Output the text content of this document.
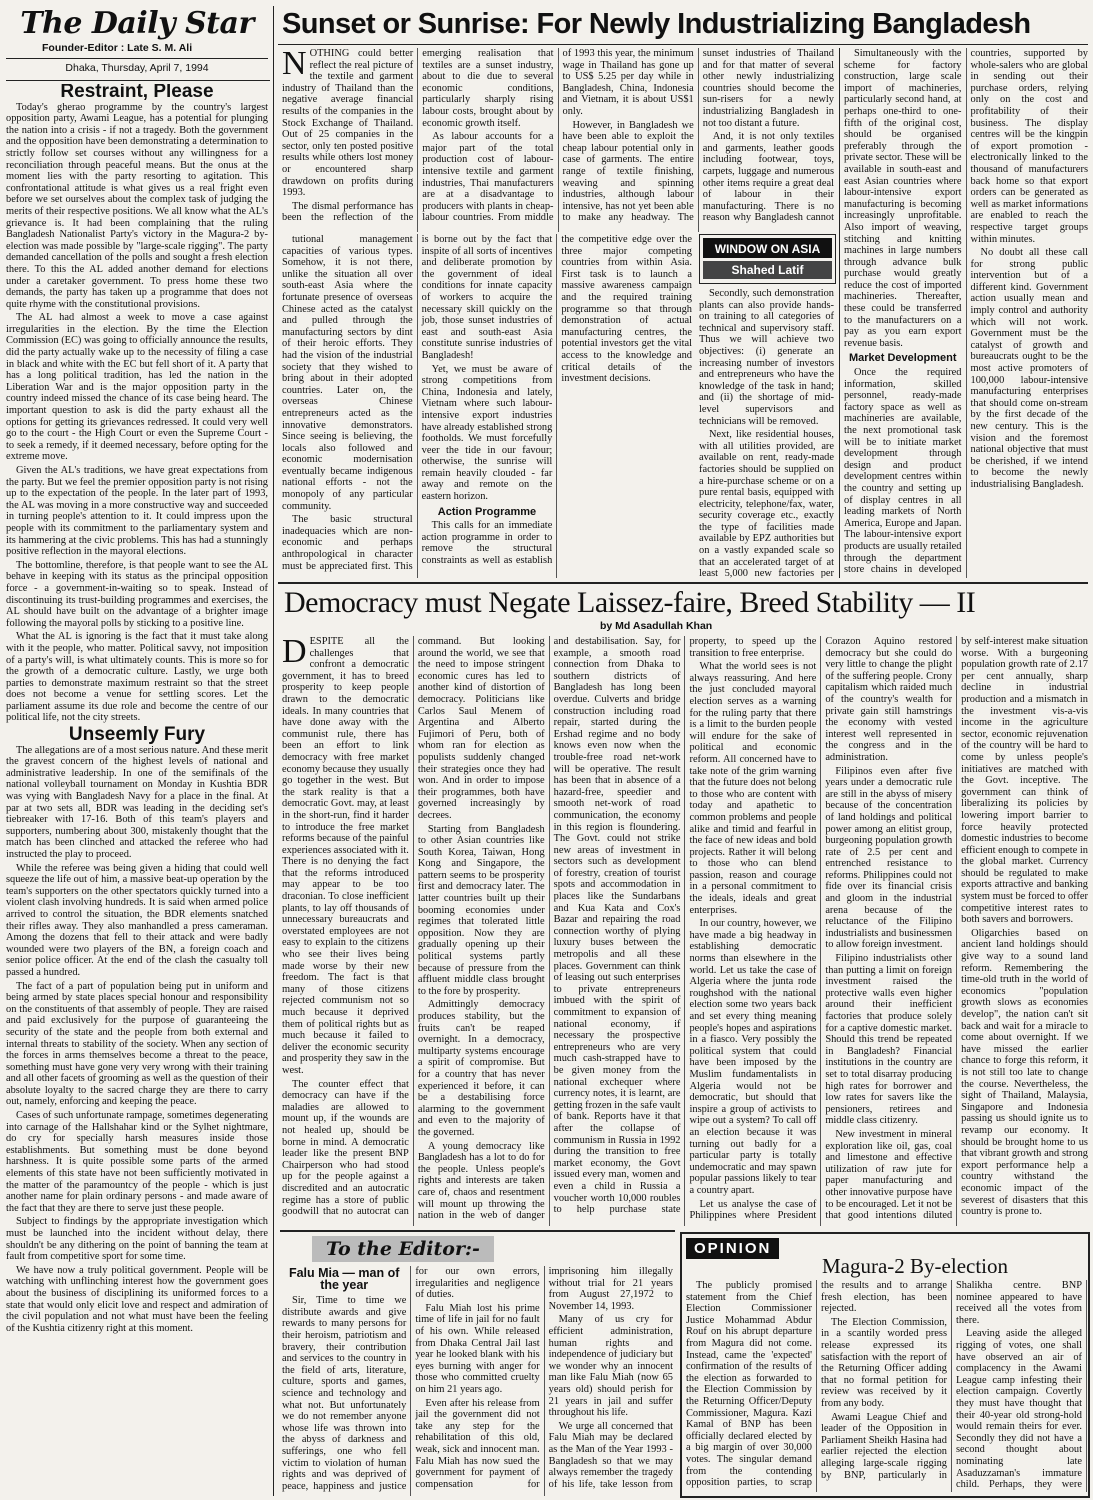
The Daily Star
Founder-Editor : Late S. M. Ali
Dhaka, Thursday, April 7, 1994
Restraint, Please

Today's gherao programme by the country's largest opposition party, Awami League, has a potential for plunging the nation into a crisis - if not a tragedy. Both the government and the opposition have been demonstrating a determination to strictly follow set courses without any willingness for a reconciliation through peaceful means. But the onus at the moment lies with the party resorting to agitation. This confrontational attitude is what gives us a real fright even before we set ourselves about the complex task of judging the merits of their respective positions. We all know what the AL's grievance is. It had been complaining that the ruling Bangladesh Nationalist Party's victory in the Magura-2 by-election was made possible by "large-scale rigging". The party demanded cancellation of the polls and sought a fresh election there. To this the AL added another demand for elections under a caretaker government. To press home these two demands, the party has taken up a programme that does not quite rhyme with the constitutional provisions.

The AL had almost a week to move a case against irregularities in the election. By the time the Election Commission (EC) was going to officially announce the results, did the party actually wake up to the necessity of filing a case in black and white with the EC but fell short of it. A party that has a long political tradition, has led the nation in the Liberation War and is the major opposition party in the country indeed missed the chance of its case being heard. The important question to ask is did the party exhaust all the options for getting its grievances redressed. It could very well go to the court - the High Court or even the Supreme Court - to seek a remedy, if it deemed necessary, before opting for the extreme move.

Given the AL's traditions, we have great expectations from the party. But we feel the premier opposition party is not rising up to the expectation of the people. In the later part of 1993, the AL was moving in a more constructive way and succeeded in turning people's attention to it. It could impress upon the people with its commitment to the parliamentary system and its hammering at the civic problems. This has had a stunningly positive reflection in the mayoral elections.

The bottomline, therefore, is that people want to see the AL behave in keeping with its status as the principal opposition force - a government-in-waiting so to speak. Instead of discontinuing its trust-building programmes and exercises, the AL should have built on the advantage of a brighter image following the mayoral polls by sticking to a positive line.

What the AL is ignoring is the fact that it must take along with it the people, who matter. Political savvy, not imposition of a party's will, is what ultimately counts. This is more so for the growth of a democratic culture. Lastly, we urge both parties to demonstrate maximum restraint so that the street does not become a venue for settling scores. Let the parliament assume its due role and become the centre of our political life, not the city streets.

Unseemly Fury

The allegations are of a most serious nature. And these merit the gravest concern of the highest levels of national and administrative leadership. In one of the semifinals of the national volleyball tournament on Monday in Kushtia BDR was vying with Bangladesh Navy for a place in the final. At par at two sets all, BDR was leading in the deciding set's tiebreaker with 17-16. Both of this team's players and supporters, numbering about 300, mistakenly thought that the match has been clinched and attacked the referee who had instructed the play to proceed.

While the referee was being given a hiding that could well squeeze the life out of him, a massive beat-up operation by the team's supporters on the other spectators quickly turned into a violent clash involving hundreds. It is said when armed police arrived to control the situation, the BDR elements snatched their rifles away. They also manhandled a press cameraman. Among the dozens that fell to their attack and were badly wounded were two players of the BN, a foreign coach and senior police officer. At the end of the clash the casualty toll passed a hundred.

The fact of a part of population being put in uniform and being armed by state places special honour and responsibility on the constituents of that assembly of people. They are raised and paid exclusively for the purpose of guaranteeing the security of the state and the people from both external and internal threats to stability of the society. When any section of the forces in arms themselves become a threat to the peace, something must have gone very very wrong with their training and all other facets of grooming as well as the question of their absolute loyalty to the sacred charge they are there to carry out, namely, enforcing and keeping the peace.

Cases of such unfortunate rampage, sometimes degenerating into carnage of the Hallshahar kind or the Sylhet nightmare, do cry for specially harsh measures inside those establishments. But something must be done beyond harshness. It is quite possible some parts of the armed elements of this state have not been sufficiently motivated in the matter of the paramountcy of the people - which is just another name for plain ordinary persons - and made aware of the fact that they are there to serve just these people.

Subject to findings by the appropriate investigation which must be launched into the incident without delay, there shouldn't be any dithering on the point of banning the team at fault from competitive sport for some time.

We have now a truly political government. People will be watching with unflinching interest how the government goes about the business of disciplining its uniformed forces to a state that would only elicit love and respect and admiration of the civil population and not what must have been the feeling of the Kushtia citizenry right at this moment.

Sunset or Sunrise: For Newly Industrializing Bangladesh

NOTHING could better reflect the real picture of the textile and garment industry of Thailand than the negative average financial results of the companies in the Stock Exchange of Thailand. Out of 25 companies in the sector, only ten posted positive results while others lost money or encountered sharp drawdown on profits during 1993.

The dismal performance has been the reflection of the emerging realisation that textiles are a sunset industry, about to die due to several economic conditions, particularly sharply rising labour costs, brought about by economic growth itself.

As labour accounts for a major part of the total production cost of labour-intensive textile and garment industries, Thai manufacturers are at a disadvantage to producers with plants in cheap-labour countries. From middle of 1993 this year, the minimum wage in Thailand has gone up to US$ 5.25 per day while in Bangladesh, China, Indonesia and Vietnam, it is about US$1 only.

However, in Bangladesh we have been able to exploit the cheap labour potential only in case of garments. The entire range of textile finishing, weaving and spinning industries, although labour intensive, has not yet been able to make any headway. The sunset industries of Thailand and for that matter of several other newly industrializing countries should become the sun-risers for a newly industrializing Bangladesh in not too distant a future.

And, it is not only textiles and garments, leather goods including footwear, toys, carpets, luggage and numerous other items require a great deal of labour in their manufacturing. There is no reason why Bangladesh cannot

WINDOW ON ASIA
Shahed Latif

tutional management capacities of various types. Somehow, it is not there, unlike the situation all over south-east Asia where the fortunate presence of overseas Chinese acted as the catalyst and pulled through the manufacturing sectors by dint of their heroic efforts. They had the vision of the industrial society that they wished to bring about in their adopted countries. Later on, the overseas Chinese entrepreneurs acted as the innovative demonstrators. Since seeing is believing, the locals also followed and economic modernisation eventually became indigenous national efforts - not the monopoly of any particular community.

The basic structural inadequacies which are non-economic and perhaps anthropological in character must be appreciated first. This is borne out by the fact that inspite of all sorts of incentives and deliberate promotion by the government of ideal conditions for innate capacity of workers to acquire the necessary skill quickly on the job, those sunset industries of east and south-east Asia constitute sunrise industries of Bangladesh!

Yet, we must be aware of strong competitions from China, Indonesia and lately, Vietnam where such labour-intensive export industries have already established strong footholds. We must forcefully veer the tide in our favour; otherwise, the sunrise will remain heavily clouded - far away and remote on the eastern horizon.

Action Programme

This calls for an immediate action programme in order to remove the structural constraints as well as establish the competitive edge over the three major competing countries from within Asia. First task is to launch a massive awareness campaign and the required training programme so that through demonstration of actual manufacturing centres, the potential investors get the vital access to the knowledge and critical details of the investment decisions.

Secondly, such demonstration plants can also provide hands-on training to all categories of technical and supervisory staff. Thus we will achieve two objectives: (i) generate an increasing number of investors and entrepreneurs who have the knowledge of the task in hand; and (ii) the shortage of mid-level supervisors and technicians will be removed.

Next, like residential houses, with all utilities provided, are available on rent, ready-made factories should be supplied on a hire-purchase scheme or on a pure rental basis, equipped with electricity, telephone/fax, water, security coverage etc., exactly the type of facilities made available by EPZ authorities but on a vastly expanded scale so that an accelerated target of at least 5,000 new factories per

Simultaneously with the scheme for factory construction, large scale import of machineries, particularly second hand, at perhaps one-third to one-fifth of the original cost, should be organised preferably through the private sector. These will be available in south-east and east Asian countries where labour-intensive export manufacturing is becoming increasingly unprofitable. Also import of weaving, stitching and knitting machines in large numbers through advance bulk purchase would greatly reduce the cost of imported machineries. Thereafter, these could be transferred to the manufacturers on a pay as you earn export revenue basis.

Market Development

Once the required information, skilled personnel, ready-made factory space as well as machineries are available, the next promotional task will be to initiate market development through design and product development centres within the country and setting up of display centres in all leading markets of North America, Europe and Japan. The labour-intensive export products are usually retailed through the department store chains in developed countries, supported by whole-salers who are global in sending out their purchase orders, relying only on the cost and profitability of their business. The display centres will be the kingpin of export promotion - electronically linked to the thousand of manufacturers back home so that export orders can be generated as well as market informations are enabled to reach the respective target groups within minutes.

No doubt all these call for strong public intervention but of a different kind. Government action usually mean and imply control and authority which will not work. Government must be the catalyst of growth and bureaucrats ought to be the most active promoters of 100,000 labour-intensive manufacturing enterprises that should come on-stream by the first decade of the new century. This is the vision and the foremost national objective that must be cherished, if we intend to become the newly industrialising Bangladesh.

Democracy must Negate Laissez-faire, Breed Stability — II
by Md Asadullah Khan

DESPITE all the challenges that confront a democratic government, it has to breed prosperity to keep people drawn to the democratic ideals. In many countries that have done away with the communist rule, there has been an effort to link democracy with free market economy because they usually go together in the west. But the stark reality is that a democratic Govt. may, at least in the short-run, find it harder to introduce the free market reforms because of the painful experiences associated with it. There is no denying the fact that the reforms introduced may appear to be too draconian. To close inefficient plants, to lay off thousands of unnecessary bureaucrats and overstated employees are not easy to explain to the citizens who see their lives being made worse by their new freedom. The fact is that many of those citizens rejected communism not so much because it deprived them of political rights but as much because it failed to deliver the economic security and prosperity they saw in the west.

The counter effect that democracy can have if the maladies are allowed to mount up, if the wounds are not healed up, should be borne in mind. A democratic leader like the present BNP Chairperson who had stood up for the people against a discredited and an autocratic regime has a store of public goodwill that no autocrat can command. But looking around the world, we see that the need to impose stringent economic cures has led to another kind of distortion of democracy. Politicians like Carlos Saul Menem of Argentina and Alberto Fujimori of Peru, both of whom ran for election as populists suddenly changed their strategies once they had won. And in order to impose their programmes, both have governed increasingly by decrees.

Starting from Bangladesh to other Asian countries like South Korea, Taiwan, Hong Kong and Singapore, the pattern seems to be prosperity first and democracy later. The latter countries built up their booming economies under regimes that tolerated little opposition. Now they are gradually opening up their political systems partly because of pressure from the affluent middle class brought to the fore by prosperity.

Admittingly democracy produces stability, but the fruits can't be reaped overnight. In a democracy, multiparty systems encourage a spirit of compromise. But for a country that has never experienced it before, it can be a destabilising force alarming to the government and even to the majority of the governed.

A young democracy like Bangladesh has a lot to do for the people. Unless people's rights and interests are taken care of, chaos and resentment will mount up throwing the nation in the web of danger and destabilisation. Say, for example, a smooth road connection from Dhaka to southern districts of Bangladesh has long been overdue. Culverts and bridge construction including road repair, started during the Ershad regime and no body knows even now when the trouble-free road net-work will be operative. The result has been that in absence of a hazard-free, speedier and smooth net-work of road communication, the economy in this region is floundering. The Govt. could not strike new areas of investment in sectors such as development of forestry, creation of tourist spots and accommodation in places like the Sundarbans and Kua Kata and Cox's Bazar and repairing the road connection worthy of plying luxury buses between the metropolis and all these places. Government can think of leasing out such enterprises to private entrepreneurs imbued with the spirit of commitment to expansion of national economy, if necessary the prospective entrepreneurs who are very much cash-strapped have to be given money from the national exchequer where currency notes, it is learnt, are getting frozen in the safe vault of bank. Reports have it that after the collapse of communism in Russia in 1992 during the transition to free market economy, the Govt issued every man, women and even a child in Russia a voucher worth 10,000 roubles to help purchase state property, to speed up the transition to free enterprise.

What the world sees is not always reassuring. And here the just concluded mayoral election serves as a warning for the ruling party that there is a limit to the burden people will endure for the sake of political and economic reform. All concerned have to take note of the grim warning that the future does not belong to those who are content with today and apathetic to common problems and people alike and timid and fearful in the face of new ideas and bold projects. Rather it will belong to those who can blend passion, reason and courage in a personal commitment to the ideals, ideals and great enterprises.

In our country, however, we have made a big headway in establishing democratic norms than elsewhere in the world. Let us take the case of Algeria where the junta rode roughshod with the national election some two years back and set every thing meaning people's hopes and aspirations in a fiasco. Very possibly the political system that could have been imposed by the Muslim fundamentalists in Algeria would not be democratic, but should that inspire a group of activists to wipe out a system? To call off an election because it was turning out badly for a particular party is totally undemocratic and may spawn popular passions likely to tear a country apart.

Let us analyse the case of Philippines where President Corazon Aquino restored democracy but she could do very little to change the plight of the suffering people. Crony capitalism which raided much of the country's wealth for private gain still hamstrings the economy with vested interest well represented in the congress and in the administration.

Filipinos even after five years under a democratic rule are still in the abyss of misery because of the concentration of land holdings and political power among an elitist group, burgeoning population growth rate of 2.5 per cent and entrenched resistance to reforms. Philippines could not fide over its financial crisis and gloom in the industrial arena because of the reluctance of the Filipino industrialists and businessmen to allow foreign investment.

Filipino industrialists other than putting a limit on foreign investment raised the protective walls even higher around their inefficient factories that produce solely for a captive domestic market. Should this trend be repeated in Bangladesh? Financial institutions in the country are set to total disarray producing high rates for borrower and low rates for savers like the pensioners, retirees and middle class citizenry.

New investment in mineral exploration like oil, gas, coal and limestone and effective utilization of raw jute for paper manufacturing and other innovative purpose have to be encouraged. Let it not be that good intentions diluted by self-interest make situation worse. With a burgeoning population growth rate of 2.17 per cent annually, sharp decline in industrial production and a mismatch in the investment vis-a-vis income in the agriculture sector, economic rejuvenation of the country will be hard to come by unless people's initiatives are matched with the Govt. inceptive. The government can think of liberalizing its policies by lowering import barrier to force heavily protected domestic industries to become efficient enough to compete in the global market. Currency should be regulated to make exports attractive and banking system must be forced to offer competitive interest rates to both savers and borrowers.

Oligarchies based on ancient land holdings should give way to a sound land reform. Remembering the time-old truth in the world of economics "population growth slows as economies develop", the nation can't sit back and wait for a miracle to come about overnight. If we have missed the earlier chance to forge this reform, it is not still too late to change the course. Nevertheless, the sight of Thailand, Malaysia, Singapore and Indonesia passing us should ignite us to revamp our economy. It should be brought home to us that vibrant growth and strong export performance help a country withstand the economic impact of the severest of disasters that this country is prone to.

To the Editor:-
Falu Mia — man of the year

Sir, Time to time we distribute awards and give rewards to many persons for their heroism, patriotism and bravery, their contribution and services to the country in the field of arts, literature, culture, sports and games, science and technology and what not. But unfortunately we do not remember anyone whose life was thrown into the abyss of darkness and sufferings, one who fell victim to violation of human rights and was deprived of peace, happiness and justice for our own errors, irregularities and negligence of duties.

Falu Miah lost his prime time of life in jail for no fault of his own. While released from Dhaka Central Jail last year he looked blank with his eyes burning with anger for those who committed cruelty on him 21 years ago.

Even after his release from jail the government did not take any step for the rehabilitation of this old, weak, sick and innocent man. Falu Miah has now sued the government for payment of compensation for imprisoning him illegally without trial for 21 years from August 27,1972 to November 14, 1993.

Many of us cry for efficient administration, human rights and independence of judiciary but we wonder why an innocent man like Falu Miah (now 65 years old) should perish for 21 years in jail and suffer throughout his life.

We urge all concerned that Falu Miah may be declared as the Man of the Year 1993 - Bangladesh so that we may always remember the tragedy of his life, take lesson from

OPINION
Magura-2 By-election

The publicly promised statement from the Chief Election Commissioner Justice Mohammad Abdur Rouf on his abrupt departure from Magura did not come. Instead, came the 'expected' confirmation of the results of the election as forwarded to the Election Commission by the Returning Officer/Deputy Commissioner, Magura. Kazi Kamal of BNP has been officially declared elected by a big margin of over 30,000 votes. The singular demand from the contending opposition parties, to scrap the results and to arrange fresh election, has been rejected.

The Election Commission, in a scantily worded press release expressed its satisfaction with the report of the Returning Officer adding that no formal petition for review was received by it from any body.

Awami League Chief and leader of the Opposition in Parliament Sheikh Hasina had earlier rejected the election alleging large-scale rigging by BNP, particularly in Shalikha centre. BNP nominee appeared to have received all the votes from there.

Leaving aside the alleged rigging of votes, one shall have observed an air of complacency in the Awami League camp infesting their election campaign. Covertly they must have thought that their 40-year old strong-hold would remain theirs for ever. Secondly they did not have a second thought about nominating late Asaduzzaman's immature child. Perhaps, they were
